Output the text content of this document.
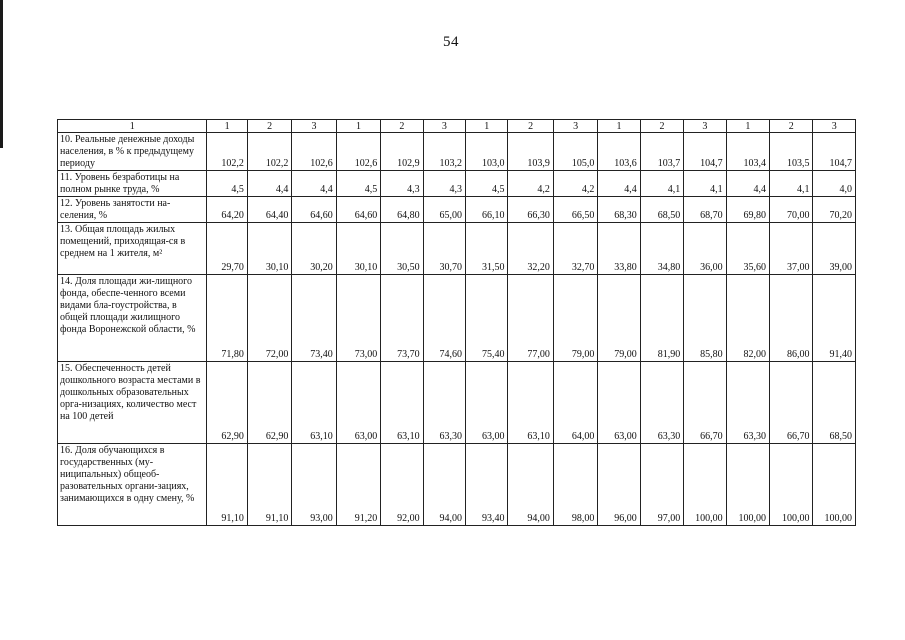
54
1	1	2	3	1	2	3	1	2	3	1	2	3	1	2	3
10. Реальные денежные доходы населения, в % к предыдущему периоду	102,2	102,2	102,6	102,6	102,9	103,2	103,0	103,9	105,0	103,6	103,7	104,7	103,4	103,5	104,7
11. Уровень безработицы на полном рынке труда, %	4,5	4,4	4,4	4,5	4,3	4,3	4,5	4,2	4,2	4,4	4,1	4,1	4,4	4,1	4,0
12. Уровень занятости на-селения, %	64,20	64,40	64,60	64,60	64,80	65,00	66,10	66,30	66,50	68,30	68,50	68,70	69,80	70,00	70,20
13. Общая площадь жилых помещений, приходящая-ся в среднем на 1 жителя, м²	29,70	30,10	30,20	30,10	30,50	30,70	31,50	32,20	32,70	33,80	34,80	36,00	35,60	37,00	39,00
14. Доля площади жи-лищного фонда, обеспе-ченного всеми видами бла-гоустройства, в общей площади жилищного фонда Воронежской области, %	71,80	72,00	73,40	73,00	73,70	74,60	75,40	77,00	79,00	79,00	81,90	85,80	82,00	86,00	91,40
15. Обеспеченность детей дошкольного возраста местами в дошкольных образовательных орга-низациях, количество мест на 100 детей	62,90	62,90	63,10	63,00	63,10	63,30	63,00	63,10	64,00	63,00	63,30	66,70	63,30	66,70	68,50
16. Доля обучающихся в государственных (му-ниципальных) общеоб-разовательных органи-зациях, занимающихся в одну смену, %	91,10	91,10	93,00	91,20	92,00	94,00	93,40	94,00	98,00	96,00	97,00	100,00	100,00	100,00	100,00
